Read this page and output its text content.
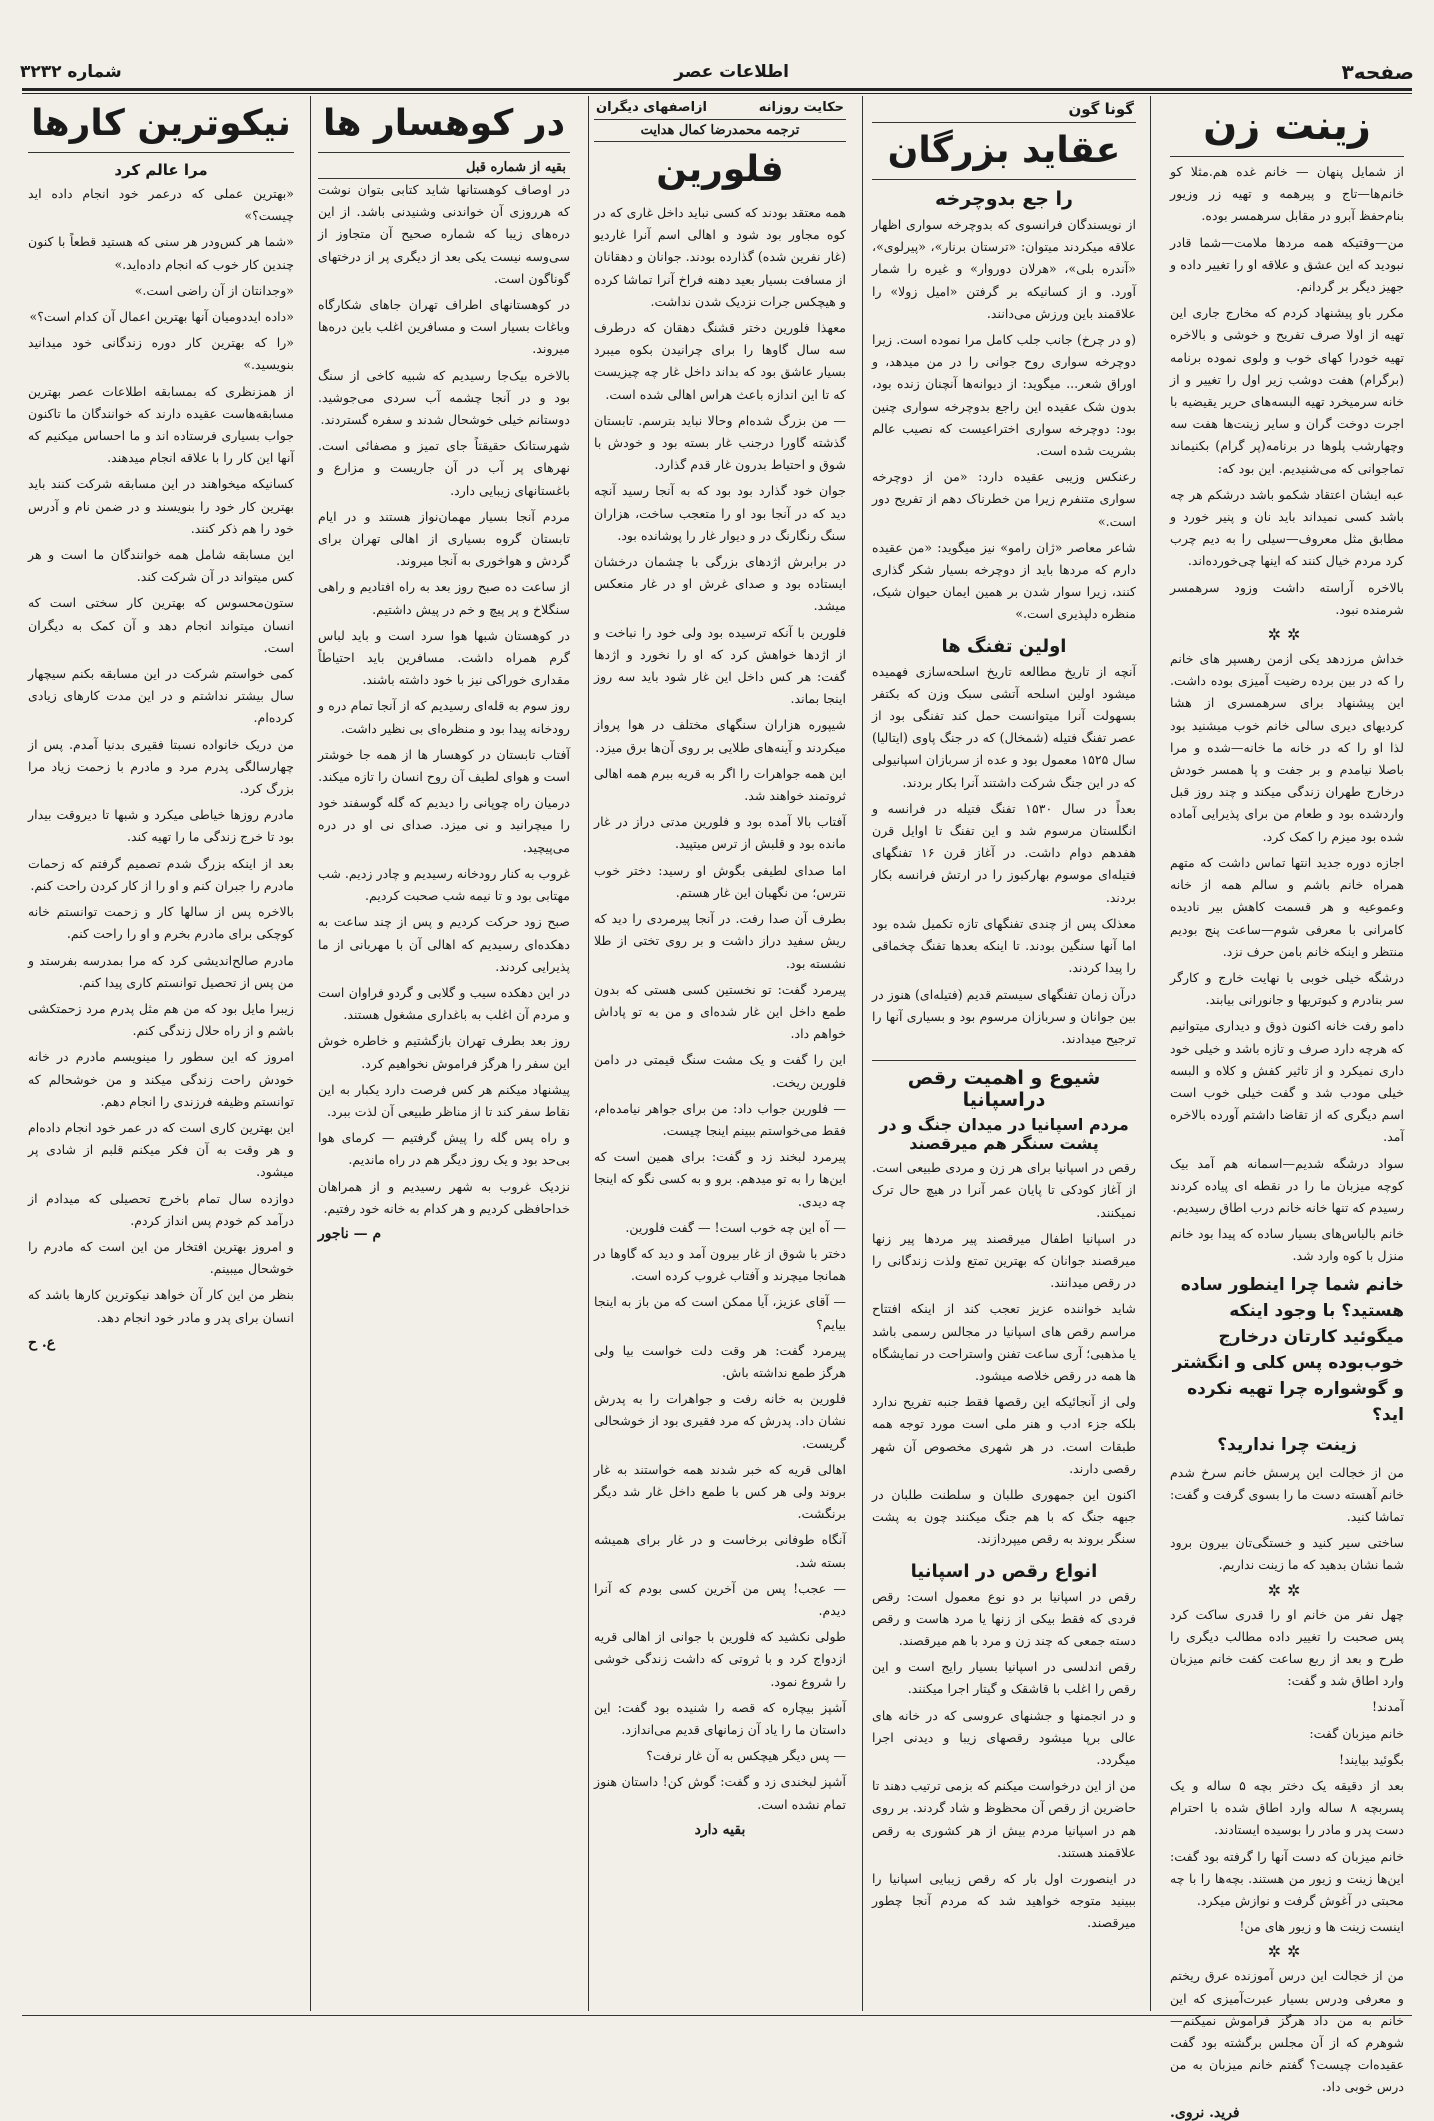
صفحه۳
اطلاعات عصر
شماره ۳۲۳۲
زینت زن

از شمایل پنهان — خانم غده هم.مثلا کو خانم‌ها—تاج و پیرهمه و تهیه زر وزیور بنام‌حفظ آبرو در مقابل سرهمسر بوده.

من—وقتیکه همه مردها ملامت—شما قادر نبودید که این عشق و علاقه او را تغییر داده و جهیز دیگر بر گردانم.

مکرر باو پیشنهاد کردم که مخارج جاری این تهیه از اولا صرف تفریح و خوشی و بالاخره تهیه خودرا کهای خوب و ولوی نموده برنامه (برگرام) هفت دوشب زیر اول را تغییر و از خانه سرمیخرد تهیه البسه‌های حریر یقیضیه با اجرت دوخت گران و سایر زینت‌ها هفت سه وچهارشب پلوها در برنامه(پر گرام) بکنیماند تماجوانی که می‌شنیدیم. این بود که:

عبه ایشان اعتقاد شکمو باشد درشکم هر چه باشد کسی نمیداند باید نان و پنیر خورد و مطابق مثل معروف—سیلی را به دیم چرب کرد مردم خیال کنند که اینها چی‌خورده‌اند.

بالاخره آراسته داشت وزود سرهمسر شرمنده نبود.

✲✲

خداش مرزدهد یکی ازمن رهسپر های خانم را که در بین برده رضیت آمیزی بوده داشت. این پیشنهاد برای سرهمسری از هشا کردیهای دیری سالی خانم خوب میشنید بود لذا او را که در خانه ما خانه—شده و مرا باصلا نیامدم و بر جفت و پا همسر خودش درخارج طهران زندگی میکند و چند روز قبل واردشده بود و طعام من برای پذیرایی آماده شده بود میزم را کمک کرد.

اجازه دوره جدید انتها تماس داشت که متهم همراه خانم باشم و سالم همه از خانه وعموعیه و هر قسمت کاهش بیر نادیده کامرانی با معرفی شوم—ساعت پنج بودیم منتظر و اینکه خانم بامن حرف نزد.

درشگه خیلی خوبی با نهایت خارج و کارگر سر بنادرم و کبوتریها و جانورانی بیابند.

دامو رفت خانه اکنون ذوق و دیداری میتوانیم که هرچه دارد صرف و تازه باشد و خیلی خود داری نمیکرد و از تاثیر کفش و کلاه و البسه خیلی مودب شد و گفت خیلی خوب است اسم دیگری که از تقاضا داشتم آورده بالاخره آمد.

سواد درشگه شدیم—اسمانه هم آمد بیک کوچه میزبان ما را در نقطه ای پیاده کردند رسیدم که تنها خانه خانم درب اطاق رسیدیم.

خانم بالباس‌های بسیار ساده که پیدا بود خانم منزل با کوه وارد شد.

خانم شما چرا اینطور ساده هستید؟ با وجود اینکه میگوئید کارتان درخارج خوب‌بوده پس کلی و انگشتر و گوشواره چرا تهیه نکرده اید؟
زینت چرا ندارید؟

من از خجالت این پرسش خانم سرخ شدم خانم آهسته دست ما را بسوی گرفت و گفت: تماشا کنید.

ساختی سیر کنید و خستگی‌تان بیرون برود شما نشان بدهید که ما زینت نداریم.

✲✲

چهل نفر من خانم او را قدری ساکت کرد پس صحبت را تغییر داده مطالب دیگری را طرح و بعد از ربع ساعت کفت خانم میزبان‌ وارد اطاق شد و گفت:

آمدند!

خانم میزبان گفت:

بگوئید بیایند!

بعد از دقیقه یک دختر بچه ۵ ساله و یک پسربچه ۸ ساله وارد اطاق شده با احترام دست پدر و مادر را بوسیده ایستادند.

خانم میزبان که دست آنها را گرفته بود گفت: این‌ها زینت و زیور من هستند. بچه‌ها را با چه محبتی در آغوش گرفت و نوازش میکرد.

اینست زینت ها و زیور های من!

✲✲

من از خجالت این درس آموزنده عرق ریختم و معرفی ودرس بسیار عبرت‌آمیزی که این خانم به من داد هرگز فراموش نمیکنم—شوهرم که از آن مجلس برگشته بود گفت عقیده‌ات چیست؟ گفتم خانم میزبان به من درس خوبی داد.

فرید. نروی.
گونا گون
عقاید بزرگان
را جع بدوچرخه

از نویسندگان فرانسوی که بدوچرخه سواری اظهار علاقه میکردند میتوان: «ترستان برنار»، «پیرلوی»، «آندره بلی»، «هرلان دوروار» و غیره را شمار آورد. و از کسانیکه بر گرفتن «امیل زولا» را علاقمند باین ورزش می‌دانند.

(و در چرخ) جانب جلب کامل مرا نموده است. زیرا دوچرخه سواری روح جوانی را در من میدهد، و اوراق شعر... میگوید: از دیوانه‌ها آنچنان زنده بود، بدون شک عقیده این راجع بدوچرخه سواری چنین بود: دوچرخه سواری اختراعیست که نصیب عالم بشریت شده است.

رعنکس وزیبی عقیده دارد: «من از دوچرخه سواری متنفرم زیرا من خطرناک دهم از تفریح دور است.»

شاعر معاصر «ژان رامو» نیز میگوید: «من عقیده دارم که مرد‌ها باید از دوچرخه بسیار شکر گذاری کنند، زیرا سوار شدن بر همین ایمان حیوان شیک، منظره دلپذیری است.»

اولین تفنگ ها

آنچه از تاریخ مطالعه تاریخ اسلحه‌سازی فهمیده میشود اولین اسلحه آتشی سبک وزن که بکتفر بسهولت آنرا میتوانست حمل کند تفنگی بود از عصر تفنگ فتیله (شمخال) که در جنگ پاوی (ایتالیا) سال ۱۵۲۵ معمول بود و عده از سربازان اسپانیولی که در این جنگ شرکت داشتند آنرا بکار بردند.

بعداً در سال ۱۵۳۰ تفنگ فتیله در فرانسه و انگلستان مرسوم شد و این تفنگ تا اوایل قرن هفدهم دوام داشت. در آغاز قرن ۱۶ تفنگهای فتیله‌ای موسوم بهارکبوز را در ارتش فرانسه بکار بردند.

معذلک پس از چندی تفنگهای تازه تکمیل شده بود اما آنها سنگین بودند. تا اینکه بعدها تفنگ چخماقی را پیدا کردند.

درآن زمان تفنگهای سیستم قدیم (فتیله‌ای) هنوز در بین جوانان و سربازان مرسوم بود و بسیاری آنها را ترجیح میدادند.

شیوع و اهمیت رقص دراسپانیا
مردم اسپانیا در میدان جنگ و در پشت سنگر هم میرقصند

رقص در اسپانیا برای هر زن و مردی طبیعی است. از آغاز کودکی تا پایان عمر آنرا در هیچ حال ترک نمیکنند.

در اسپانیا اطفال میرقصند پیر مرد‌ها پیر زنها میرقصند جوانان که بهترین تمتع ولذت زندگانی را در رقص میدانند.

شاید خواننده عزیز تعجب کند از اینکه افتتاح مراسم رقص های اسپانیا در مجالس رسمی باشد یا مذهبی؛ آری ساعت تفنن واستراحت در نمایشگاه ها همه در رقص خلاصه میشود.

ولی از آنجائیکه این رقصها فقط جنبه تفریح ندارد بلکه جزء ادب و هنر ملی است مورد توجه همه طبقات است. در هر شهری مخصوص آن شهر رقصی دارند.

اکنون این جمهوری طلبان و سلطنت طلبان در جبهه جنگ که با هم جنگ میکنند چون به پشت سنگر بروند به رقص میپردازند.

انواع رقص در اسپانیا

رقص در اسپانیا بر دو نوع معمول است: رقص فردی که فقط بیکی از زنها یا مرد هاست و رقص دسته جمعی که چند زن و مرد با هم میرقصند.

رقص اندلسی در اسپانیا بسیار رایج است و این رقص را اغلب با قاشقک و گیتار اجرا میکنند.

و در انجمنها و جشنهای عروسی که در خانه های عالی برپا میشود رقصهای زیبا و دیدنی اجرا میگردد.

من از این درخواست میکنم که بزمی ترتیب دهند تا حاضرین از رقص آن محظوظ و شاد گردند. بر روی هم در اسپانیا مردم بیش از هر کشوری به رقص علاقمند هستند.

در اینصورت اول بار که رقص زیبایی اسپانیا را ببینید متوجه خواهید شد که مردم آنجا چطور میرقصند.

حکایت روزانه
ازاصفهای دیگران
ترجمه محمدرضا کمال هدایت
فلورین

همه معتقد بودند که کسی نباید داخل غاری که در کوه مجاور بود شود و اهالی اسم آنرا غاردیو (غار نفرین شده) گذارده بودند. جوانان و دهقانان از مسافت بسیار بعید دهنه فراخ آنرا تماشا کرده و هیچکس جرات نزدیک شدن نداشت.

معهذا فلورین دختر قشنگ دهقان که درطرف سه سال گاوها را برای چرانیدن بکوه میبرد بسیار عاشق بود که بداند داخل غار چه چیزیست که تا این اندازه باعث هراس اهالی شده است.

— من بزرگ شده‌ام وحالا نباید بترسم. تابستان گذشته گاورا درجنب غار بسته بود و خودش با شوق و احتیاط بدرون غار قدم گذارد.

جوان خود گذارد بود بود که به آنجا رسید آنچه دید که در آنجا بود او را متعجب ساخت، هزاران سنگ رنگارنگ در و دیوار غار را پوشانده بود.

در برابرش اژدهای بزرگی با چشمان درخشان ایستاده بود و صدای غرش او در غار منعکس میشد.

فلورین با آنکه ترسیده بود ولی خود را نباخت و از اژدها خواهش کرد که او را نخورد و اژدها گفت: هر کس داخل این غار شود باید سه روز اینجا بماند.

شیپوره هزاران سنگهای مختلف در هوا پرواز میکردند و آینه‌های طلایی بر روی آن‌ها برق میزد.

این همه جواهرات را اگر به قریه ببرم همه اهالی ثروتمند خواهند شد.

آفتاب بالا آمده بود و فلورین مدتی دراز در غار مانده بود و قلبش از ترس میتپید.

اما صدای لطیفی بگوش او رسید: دختر خوب نترس؛ من نگهبان این غار هستم.

بطرف آن صدا رفت. در آنجا پیرمردی را دید که ریش سفید دراز داشت و بر روی تختی از طلا نشسته بود.

پیرمرد گفت: تو نخستین کسی هستی که بدون طمع داخل این غار شده‌ای و من به تو پاداش خواهم داد.

این را گفت و یک مشت سنگ قیمتی در دامن فلورین ریخت.

— فلورین جواب داد: من برای جواهر نیامده‌ام، فقط می‌خواستم ببینم اینجا چیست.

پیرمرد لبخند زد و گفت: برای همین است که این‌ها را به تو میدهم. برو و به کسی نگو که اینجا چه دیدی.

— آه این چه خوب است! — گفت فلورین.

دختر با شوق از غار بیرون آمد و دید که گاوها در همانجا میچرند و آفتاب غروب کرده است.

— آقای عزیز، آیا ممکن است که من باز به اینجا بیایم؟

پیرمرد گفت: هر وقت دلت خواست بیا ولی هرگز طمع نداشته باش.

فلورین به خانه رفت و جواهرات را به پدرش نشان داد. پدرش که مرد فقیری بود از خوشحالی گریست.

اهالی قریه که خبر شدند همه خواستند به غار بروند ولی هر کس با طمع داخل غار شد دیگر برنگشت.

آنگاه طوفانی برخاست و در غار برای همیشه بسته شد.

— عجب! پس من آخرین کسی بودم که آنرا دیدم.

طولی نکشید که فلورین با جوانی از اهالی قریه ازدواج کرد و با ثروتی که داشت زندگی خوشی را شروع نمود.

آشپز بیچاره که قصه را شنیده بود گفت: این داستان ما را یاد آن زمانهای قدیم می‌اندازد.

— پس دیگر هیچکس به آن غار نرفت؟

آشپز لبخندی زد و گفت: گوش کن! داستان هنوز تمام نشده است.

بقیه دارد
در کوهسار ها
بقیه از شماره قبل

در اوصاف کوهستانها شاید کتابی بتوان نوشت که هرروزی آن خواندنی وشنیدنی باشد. از این دره‌های زیبا که شماره صحیح آن متجاوز از سی‌وسه نیست یکی بعد از دیگری پر از درختهای گوناگون است.

در کوهستانهای اطراف تهران جاهای شکارگاه وباغات بسیار است و مسافرین اغلب باین دره‌ها میروند.

بالاخره بیک‌جا رسیدیم که شبیه کاخی از سنگ بود و در آنجا چشمه آب سردی می‌جوشید. دوستانم خیلی خوشحال شدند و سفره گستردند.

شهرستانک حقیقتاً جای تمیز و مصفائی است. نهرهای پر آب در آن جاریست و مزارع و باغستانهای زیبایی دارد.

مردم آنجا بسیار مهمان‌نواز هستند و در ایام تابستان گروه بسیاری از اهالی تهران برای گردش و هواخوری به آنجا میروند.

از ساعت ده صبح روز بعد به راه افتادیم و راهی سنگلاخ و پر پیچ و خم در پیش داشتیم.

در کوهستان شبها هوا سرد است و باید لباس گرم همراه داشت. مسافرین باید احتیاطاً مقداری خوراکی نیز با خود داشته باشند.

روز سوم به قله‌ای رسیدیم که از آنجا تمام دره و رودخانه پیدا بود و منظره‌ای بی نظیر داشت.

آفتاب تابستان در کوهسار ها از همه جا خوشتر است و هوای لطیف آن روح انسان را تازه میکند.

درمیان راه چوپانی را دیدیم که گله گوسفند خود را میچرانید و نی میزد. صدای نی او در دره می‌پیچید.

غروب به کنار رودخانه رسیدیم و چادر زدیم. شب مهتابی بود و تا نیمه شب صحبت کردیم.

صبح زود حرکت کردیم و پس از چند ساعت به دهکده‌ای رسیدیم که اهالی آن با مهربانی از ما پذیرایی کردند.

در این دهکده سیب و گلابی و گردو فراوان است و مردم آن اغلب به باغداری مشغول هستند.

روز بعد بطرف تهران بازگشتیم و خاطره خوش این سفر را هرگز فراموش نخواهیم کرد.

پیشنهاد میکنم هر کس فرصت دارد یکبار به این نقاط سفر کند تا از مناظر طبیعی آن لذت ببرد.

و راه پس گله را پیش گرفتیم — کرمای هوا بی‌حد بود و یک روز دیگر هم در راه ماندیم.

نزدیک غروب به شهر رسیدیم و از همراهان خداحافظی کردیم و هر کدام به خانه خود رفتیم.

م — ناجور
نیکوترین کارها
مرا عالم کرد

«بهترین عملی که درعمر خود انجام داده اید چیست؟»

«شما هر کس‌ودر هر سنی که هستید قطعاً با کنون چندین کار خوب که انجام داده‌اید.»

«وجدانتان از آن راضی است.»

«داده ایددومیان آنها بهترین اعمال آن کدام است؟»

«را که بهترین کار دوره زندگانی خود میدانید بنویسید.»

از همزنظری که بمسابقه اطلاعات عصر بهترین مسابقه‌هاست عقیده دارند که خوانندگان ما تاکنون جواب بسیاری فرستاده اند و ما احساس میکنیم که آنها این کار را با علاقه انجام میدهند.

کسانیکه میخواهند در این مسابقه شرکت کنند باید بهترین کار خود را بنویسند و در ضمن نام و آدرس خود را هم ذکر کنند.

این مسابقه شامل همه خوانندگان ما است و هر کس میتواند در آن شرکت کند.

ستون‌محسوس که بهترین کار سختی است که انسان میتواند انجام دهد و آن کمک به دیگران است.

کمی خواستم شرکت در این مسابقه بکنم سیچهار سال بیشتر نداشتم و در این مدت کارهای زیادی کرده‌ام.

من دریک خانواده نسبتا فقیری بدنیا آمدم. پس از چهارسالگی پدرم مرد و مادرم با زحمت زیاد مرا بزرگ کرد.

مادرم روزها خیاطی میکرد و شبها تا دیروقت بیدار بود تا خرج زندگی ما را تهیه کند.

بعد از اینکه بزرگ شدم تصمیم گرفتم که زحمات مادرم را جبران کنم و او را از کار کردن راحت کنم.

بالاخره پس از سالها کار و زحمت توانستم خانه کوچکی برای مادرم بخرم و او را راحت کنم.

مادرم صالح‌اندیشی کرد که مرا بمدرسه بفرستد و من پس از تحصیل توانستم کاری پیدا کنم.

زیبرا مایل بود که من هم مثل پدرم مرد زحمتکشی باشم و از راه حلال زندگی کنم.

امروز که این سطور را مینویسم مادرم در خانه خودش راحت زندگی میکند و من خوشحالم که توانستم وظیفه فرزندی را انجام دهم.

این بهترین کاری است که در عمر خود انجام داده‌ام و هر وقت به آن فکر میکنم قلبم از شادی پر میشود.

دوازده سال تمام باخرج تحصیلی که میدادم از درآمد کم خودم پس انداز کردم.

و امروز بهترین افتخار من این است که مادرم را خوشحال میبینم.

بنظر من این کار آن خواهد نیکوترین کارها باشد که انسان برای پدر و مادر خود انجام دهد.

ع. ح
